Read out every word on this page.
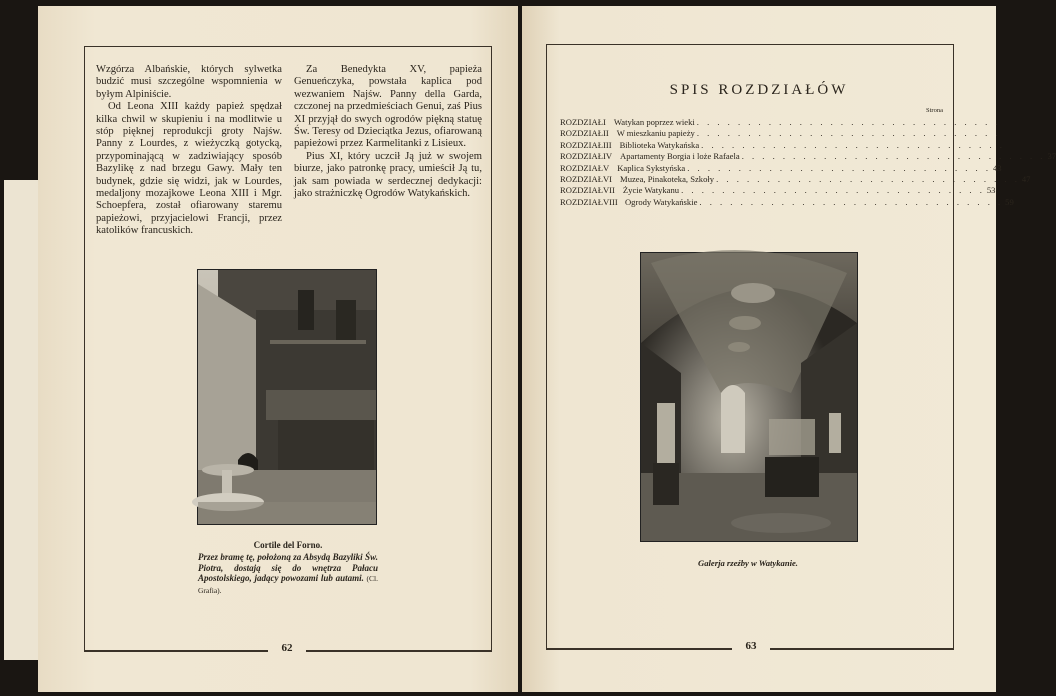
62

Wzgórza Albańskie, których sylwetka budzić musi szczególne wspomnienia w byłym Alpiniście.

Od Leona XIII każdy papież spędzał kilka chwil w skupieniu i na modlitwie u stóp pięknej reprodukcji groty Najśw. Panny z Lourdes, z wieżyczką gotycką, przypominającą w zadziwiający sposób Bazylikę z nad brzegu Gawy. Mały ten budynek, gdzie się widzi, jak w Lourdes, medaljony mozajkowe Leona XIII i Mgr. Schoepfera, został ofiarowany staremu papieżowi, przyjacielowi Francji, przez katolików francuskich.

Za Benedykta XV, papieża Genueńczyka, powstała kaplica pod wezwaniem Najśw. Panny della Garda, czczonej na przedmieściach Genui, zaś Pius XI przyjął do swych ogrodów piękną statuę Św. Teresy od Dzieciątka Jezus, ofiarowaną papieżowi przez Karmelitanki z Lisieux.

Pius XI, który uczcił Ją już w swojem biurze, jako patronkę pracy, umieścił Ją tu, jak sam powiada w serdecznej dedykacji: jako strażniczkę Ogrodów Watykańskich.

Cortile del Forno.
Przez bramę tę, położoną za Absydą Bazyliki Św. Piotra, dostają się do wnętrza Pałacu Apostolskiego, jadący powozami lub autami. (Cl. Grafia).
63
SPIS ROZDZIAŁÓW
Strona
ROZDZIAŁ I Watykan poprzez wieki . . . . . . . . . . . . . . . . . . . . . . . . . . . . . .
ROZDZIAŁ II W mieszkaniu papieży . . . . . . . . . . . . . . . . . . . . . . . . . . . . . .
ROZDZIAŁ III Biblioteka Watykańska . . . . . . . . . . . . . . . . . . . . . . . . . . . . . .
ROZDZIAŁ IV Apartamenty Borgia i loże Rafaela . . . . . . . . . . . . . . . . . . . . . . . . . . . . . . 37
ROZDZIAŁ V Kaplica Sykstyńska . . . . . . . . . . . . . . . . . . . . . . . . . . . . . . 43
ROZDZIAŁ VI Muzea, Pinakoteka, Szkoły . . . . . . . . . . . . . . . . . . . . . . . . . . . . . . 47
ROZDZIAŁ VII Życie Watykanu . . . . . . . . . . . . . . . . . . . . . . . . . . . . . . 53
ROZDZIAŁ VIII Ogrody Watykańskie . . . . . . . . . . . . . . . . . . . . . . . . . . . . . . 59
Galerja rzeźby w Watykanie.
